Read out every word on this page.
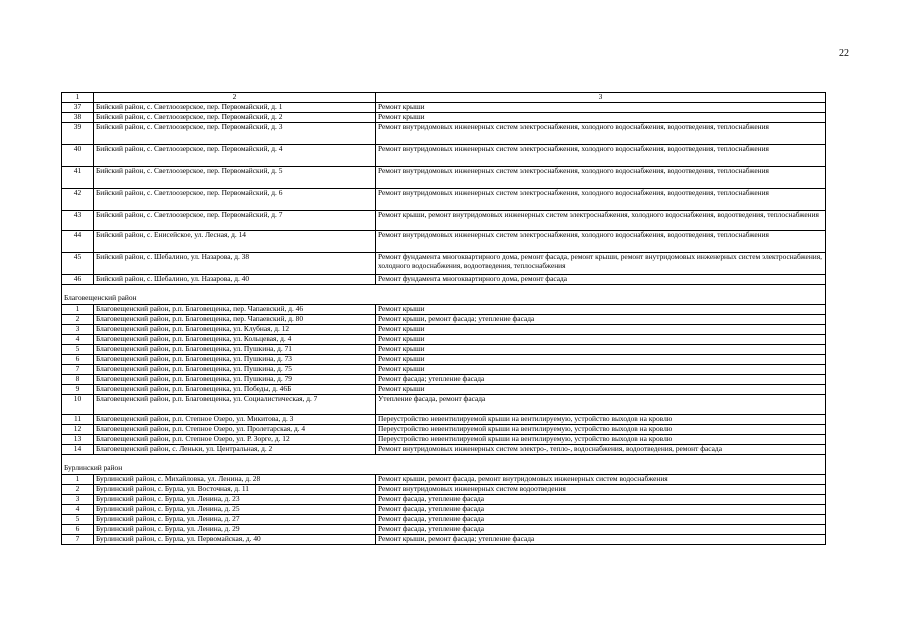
22
1	2	3
37	Бийский район, с. Светлоозерское, пер. Первомайский, д. 1	Ремонт крыши
38	Бийский район, с. Светлоозерское, пер. Первомайский, д. 2	Ремонт крыши
39	Бийский район, с. Светлоозерское, пер. Первомайский, д. 3	Ремонт внутридомовых инженерных систем электроснабжения, холодного водоснабжения, водоотведения, теплоснабжения
40	Бийский район, с. Светлоозерское, пер. Первомайский, д. 4	Ремонт внутридомовых инженерных систем электроснабжения, холодного водоснабжения, водоотведения, теплоснабжения
41	Бийский район, с. Светлоозерское, пер. Первомайский, д. 5	Ремонт внутридомовых инженерных систем электроснабжения, холодного водоснабжения, водоотведения, теплоснабжения
42	Бийский район, с. Светлоозерское, пер. Первомайский, д. 6	Ремонт внутридомовых инженерных систем электроснабжения, холодного водоснабжения, водоотведения, теплоснабжения
43	Бийский район, с. Светлоозерское, пер. Первомайский, д. 7	Ремонт крыши, ремонт внутридомовых инженерных систем электроснабжения, холодного водоснабжения, водоотведения, теплоснабжения
44	Бийский район, с. Енисейское, ул. Лесная, д. 14	Ремонт внутридомовых инженерных систем электроснабжения, холодного водоснабжения, водоотведения, теплоснабжения
45	Бийский район, с. Шебалино, ул. Назарова, д. 38	Ремонт фундамента многоквартирного дома, ремонт фасада, ремонт крыши, ремонт внутридомовых инженерных систем электроснабжения, холодного водоснабжения, водоотведения, теплоснабжения
46	Бийский район, с. Шебалино, ул. Назарова, д. 40	Ремонт фундамента многоквартирного дома, ремонт фасада
Благовещенский район		
1	Благовещенский район, р.п. Благовещенка, пер. Чапаевский, д. 46	Ремонт крыши
2	Благовещенский район, р.п. Благовещенка, пер. Чапаевский, д. 80	Ремонт крыши, ремонт фасада; утепление фасада
3	Благовещенский район, р.п. Благовещенка, ул. Клубная, д. 12	Ремонт крыши
4	Благовещенский район, р.п. Благовещенка, ул. Кольцевая, д. 4	Ремонт крыши
5	Благовещенский район, р.п. Благовещенка, ул. Пушкина, д. 71	Ремонт крыши
6	Благовещенский район, р.п. Благовещенка, ул. Пушкина, д. 73	Ремонт крыши
7	Благовещенский район, р.п. Благовещенка, ул. Пушкина, д. 75	Ремонт крыши
8	Благовещенский район, р.п. Благовещенка, ул. Пушкина, д. 79	Ремонт фасада; утепление фасада
9	Благовещенский район, р.п. Благовещенка, ул. Победы, д. 46Б	Ремонт крыши
10	Благовещенский район, р.п. Благовещенка, ул. Социалистическая, д. 7	Утепление фасада, ремонт фасада
11	Благовещенский район, р.п. Степное Озеро, ул. Микитова, д. 3	Переустройство невентилируемой крыши на вентилируемую, устройство выходов на кровлю
12	Благовещенский район, р.п. Степное Озеро, ул. Пролетарская, д. 4	Переустройство невентилируемой крыши на вентилируемую, устройство выходов на кровлю
13	Благовещенский район, р.п. Степное Озеро, ул. Р. Зорге, д. 12	Переустройство невентилируемой крыши на вентилируемую, устройство выходов на кровлю
14	Благовещенский район, с. Леньки, ул. Центральная, д. 2	Ремонт внутридомовых инженерных систем электро-, тепло-, водоснабжения, водоотведения, ремонт фасада
Бурлинский район		
1	Бурлинский район, с. Михайловка, ул. Ленина, д. 28	Ремонт крыши, ремонт фасада, ремонт внутридомовых инженерных систем водоснабжения
2	Бурлинский район, с. Бурла, ул. Восточная, д. 11	Ремонт внутридомовых инженерных систем водоотведения
3	Бурлинский район, с. Бурла, ул. Ленина, д. 23	Ремонт фасада, утепление фасада
4	Бурлинский район, с. Бурла, ул. Ленина, д. 25	Ремонт фасада, утепление фасада
5	Бурлинский район, с. Бурла, ул. Ленина, д. 27	Ремонт фасада, утепление фасада
6	Бурлинский район, с. Бурла, ул. Ленина, д. 29	Ремонт фасада, утепление фасада
7	Бурлинский район, с. Бурла, ул. Первомайская, д. 40	Ремонт крыши, ремонт фасада; утепление фасада
